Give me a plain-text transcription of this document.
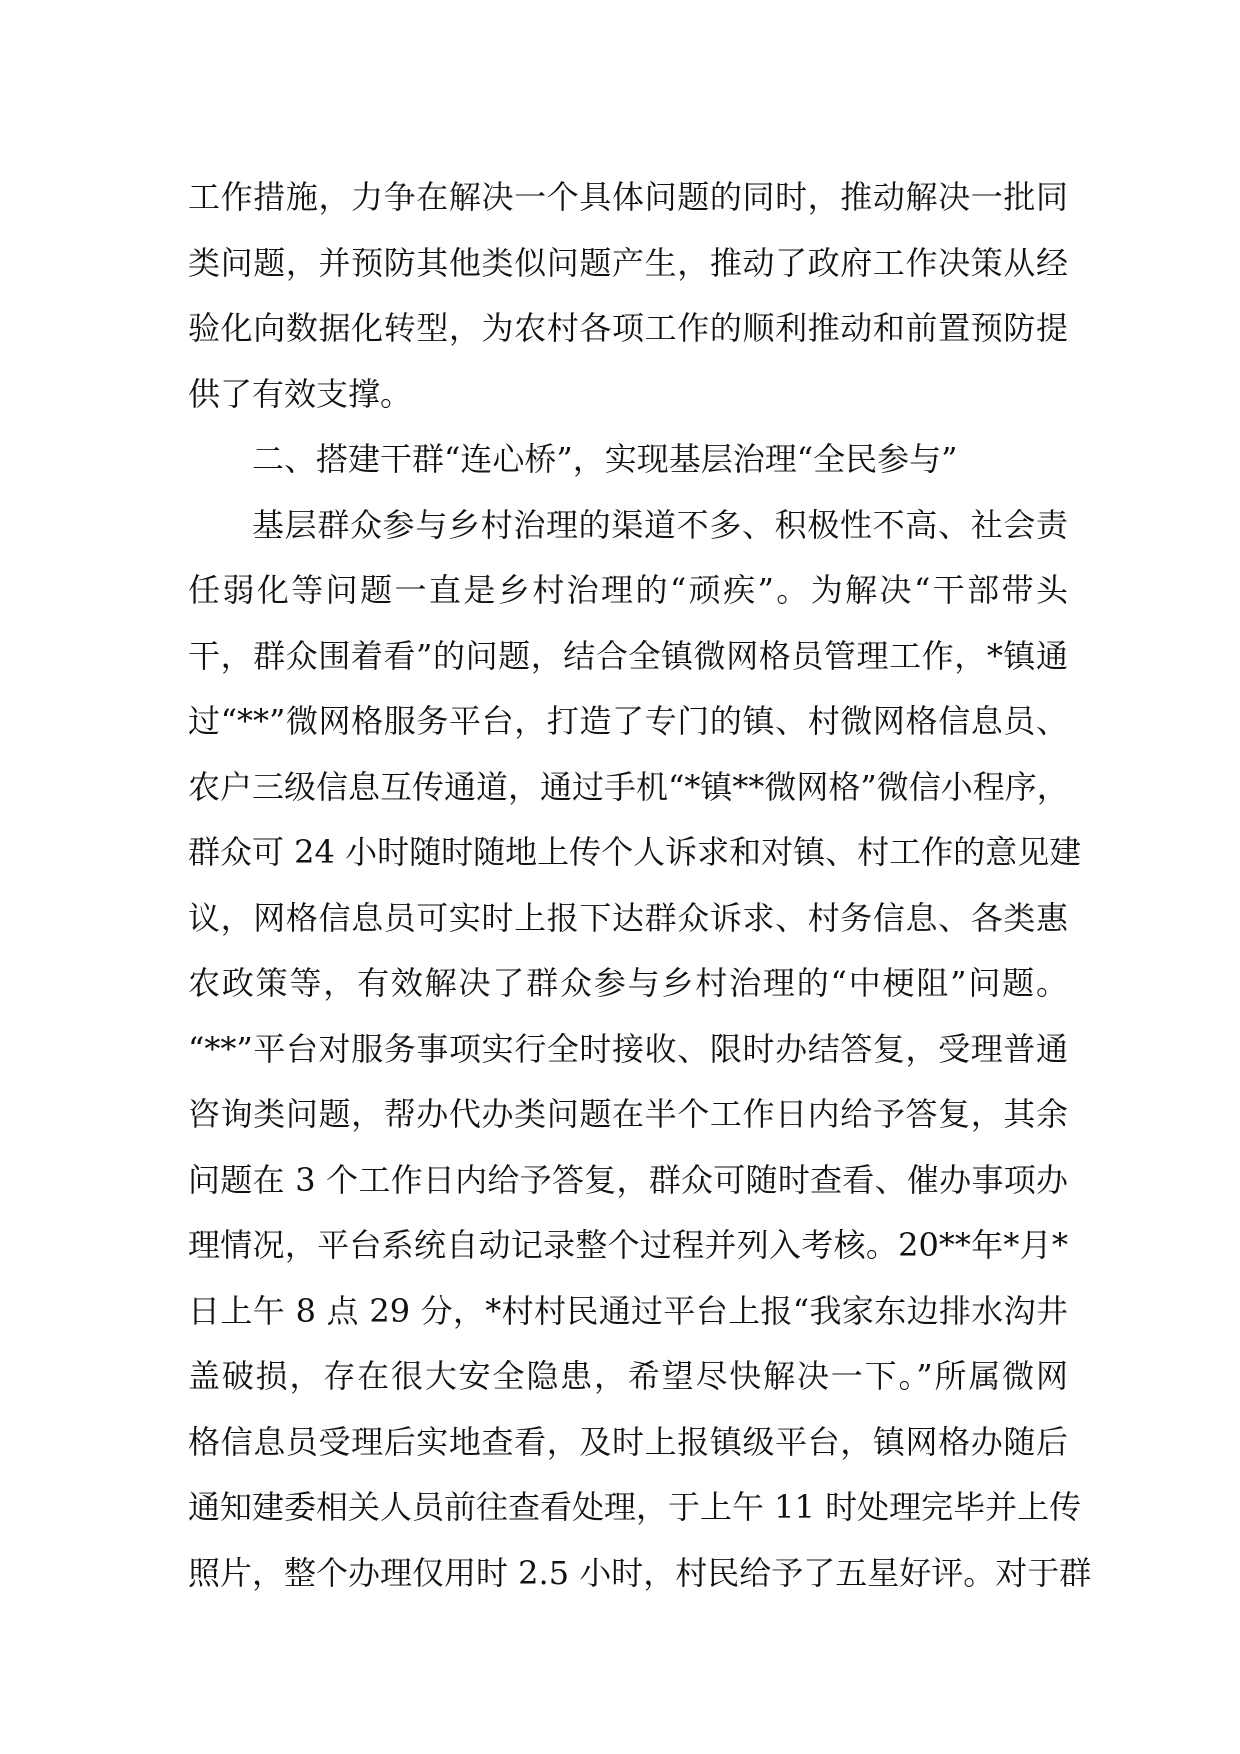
工作措施，力争在解决一个具体问题的同时，推动解决一批同
类问题，并预防其他类似问题产生，推动了政府工作决策从经
验化向数据化转型，为农村各项工作的顺利推动和前置预防提
供了有效支撑。
二、搭建干群“连心桥”，实现基层治理“全民参与”
基层群众参与乡村治理的渠道不多、积极性不高、社会责
任弱化等问题一直是乡村治理的“顽疾”。为解决“干部带头
干，群众围着看”的问题，结合全镇微网格员管理工作，*镇通
过“**”微网格服务平台，打造了专门的镇、村微网格信息员、
农户三级信息互传通道，通过手机“*镇**微网格”微信小程序，
群众可 24 小时随时随地上传个人诉求和对镇、村工作的意见建
议，网格信息员可实时上报下达群众诉求、村务信息、各类惠
农政策等，有效解决了群众参与乡村治理的“中梗阻”问题。
“**”平台对服务事项实行全时接收、限时办结答复，受理普通
咨询类问题，帮办代办类问题在半个工作日内给予答复，其余
问题在 3 个工作日内给予答复，群众可随时查看、催办事项办
理情况，平台系统自动记录整个过程并列入考核。20**年*月*
日上午 8 点 29 分，*村村民通过平台上报“我家东边排水沟井
盖破损，存在很大安全隐患，希望尽快解决一下。”所属微网
格信息员受理后实地查看，及时上报镇级平台，镇网格办随后
通知建委相关人员前往查看处理，于上午 11 时处理完毕并上传
照片，整个办理仅用时 2.5 小时，村民给予了五星好评。对于群
